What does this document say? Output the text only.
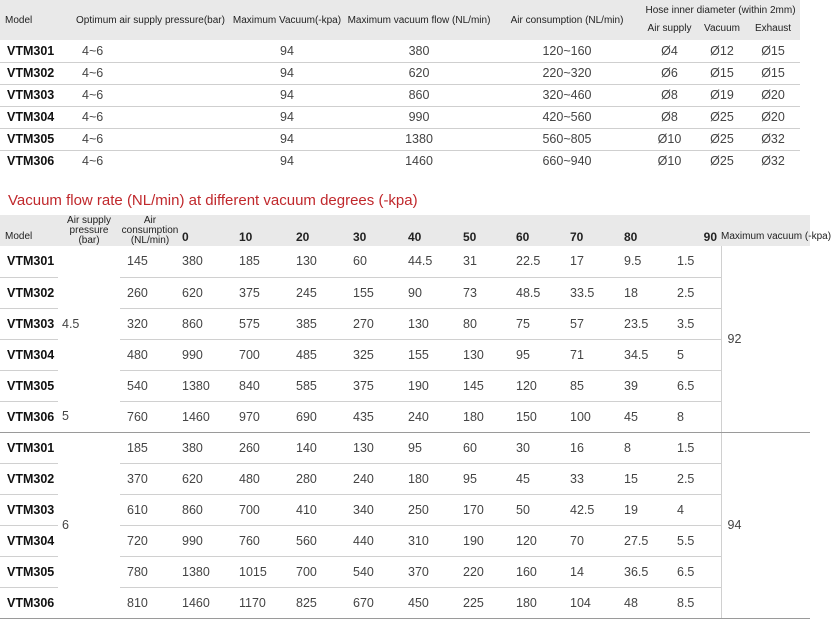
Model	Optimum air supply pressure(bar)	Maximum Vacuum(-kpa)	Maximum vacuum flow (NL/min)	Air consumption (NL/min)	Hose inner diameter (within 2mm)		
					Air supply	Vacuum	Exhaust
VTM301	4~6	94	380	120~160	Ø4	Ø12	Ø15
VTM302	4~6	94	620	220~320	Ø6	Ø15	Ø15
VTM303	4~6	94	860	320~460	Ø8	Ø19	Ø20
VTM304	4~6	94	990	420~560	Ø8	Ø25	Ø20
VTM305	4~6	94	1380	560~805	Ø10	Ø25	Ø32
VTM306	4~6	94	1460	660~940	Ø10	Ø25	Ø32
Vacuum flow rate (NL/min) at different vacuum degrees (-kpa)
Model	Air supply pressure (bar)	Air consumption (NL/min)	0	10	20	30	40	50	60	70	80	90	Maximum vacuum (-kpa)
VTM301	4.5	145	380	185	130	60	44.5	31	22.5	17	9.5	1.5	92
VTM302		260	620	375	245	155	90	73	48.5	33.5	18	2.5	
VTM303		320	860	575	385	270	130	80	75	57	23.5	3.5	
VTM304		480	990	700	485	325	155	130	95	71	34.5	5	
VTM305		540	1380	840	585	375	190	145	120	85	39	6.5	
VTM306	5	760	1460	970	690	435	240	180	150	100	45	8	
VTM301	6	185	380	260	140	130	95	60	30	16	8	1.5	94
VTM302		370	620	480	280	240	180	95	45	33	15	2.5	
VTM303		610	860	700	410	340	250	170	50	42.5	19	4	
VTM304		720	990	760	560	440	310	190	120	70	27.5	5.5	
VTM305		780	1380	1015	700	540	370	220	160	14	36.5	6.5	
VTM306		810	1460	1170	825	670	450	225	180	104	48	8.5	
